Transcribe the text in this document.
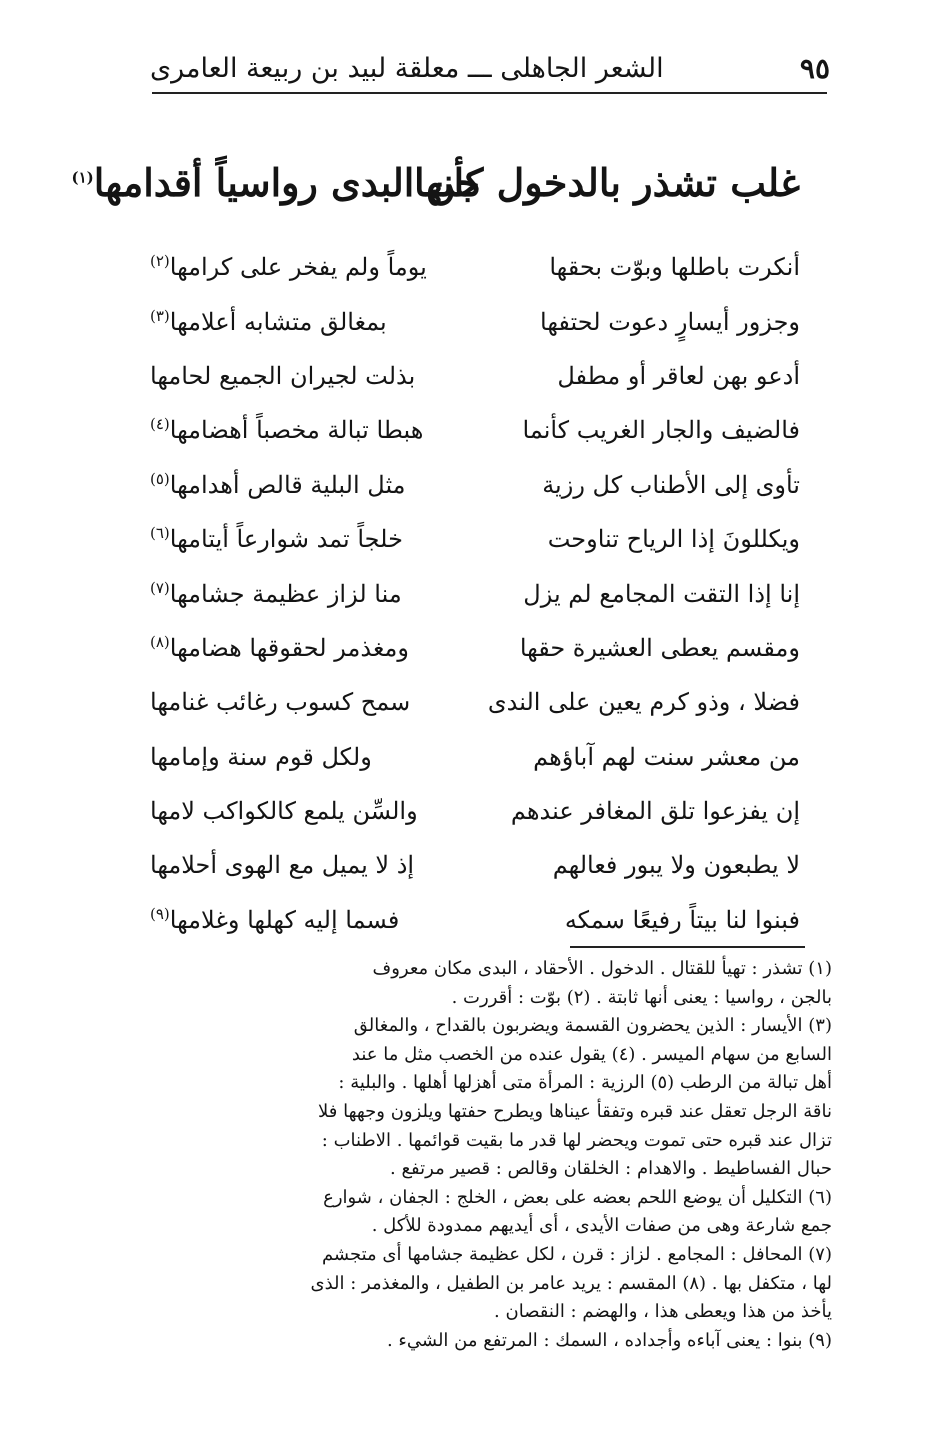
الشعر الجاهلى ـــ معلقة لبيد بن ربيعة العامرى	٩٥
غلب تشذر بالدخول كأنها
جن البدى رواسياً أقدامها$^{(١)}$
أنكرت باطلها وبوّت بحقها
يوماً ولم يفخر على كرامها$^{(٢)}$
وجزور أيسارٍ دعوت لحتفها
بمغالق متشابه أعلامها$^{(٣)}$
أدعو بهن لعاقر أو مطفل
بذلت لجيران الجميع لحامها
فالضيف والجار الغريب كأنما
هبطا تبالة مخصباً أهضامها$^{(٤)}$
تأوى إلى الأطناب كل رزية
مثل البلية قالص أهدامها$^{(٥)}$
ويكللونَ إذا الرياح تناوحت
خلجاً تمد شوارعاً أيتامها$^{(٦)}$
إنا إذا التقت المجامع لم يزل
منا لزاز عظيمة جشامها$^{(٧)}$
ومقسم يعطى العشيرة حقها
ومغذمر لحقوقها هضامها$^{(٨)}$
فضلا ، وذو كرم يعين على الندى
سمح كسوب رغائب غنامها
من معشر سنت لهم آباؤهم
ولكل قوم سنة وإمامها
إن يفزعوا تلق المغافر عندهم
والسِّن يلمع كالكواكب لامها
لا يطبعون ولا يبور فعالهم
إذ لا يميل مع الهوى أحلامها
فبنوا لنا بيتاً رفيعًا سمكه
فسما إليه كهلها وغلامها$^{(٩)}$

(١) تشذر : تهيأ للقتال . الدخول . الأحقاد ، البدى مكان معروف

بالجن ، رواسيا : يعنى أنها ثابتة . (٢) بوّت : أقررت .

(٣) الأيسار : الذين يحضرون القسمة ويضربون بالقداح ، والمغالق

السابع من سهام الميسر . (٤) يقول عنده من الخصب مثل ما عند

أهل تبالة من الرطب (٥) الرزية : المرأة متى أهزلها أهلها . والبلية :

ناقة الرجل تعقل عند قبره وتفقأ عيناها ويطرح حفتها ويلزون وجهها فلا

تزال عند قبره حتى تموت ويحضر لها قدر ما بقيت قوائمها . الاطناب :

حبال الفساطيط . والاهدام : الخلقان وقالص : قصير مرتفع .

(٦) التكليل أن يوضع اللحم بعضه على بعض ، الخلج : الجفان ، شوارع

جمع شارعة وهى من صفات الأيدى ، أى أيديهم ممدودة للأكل .

(٧) المحافل : المجامع . لزاز : قرن ، لكل عظيمة جشامها أى متجشم

لها ، متكفل بها . (٨) المقسم : يريد عامر بن الطفيل ، والمغذمر : الذى

يأخذ من هذا ويعطى هذا ، والهضم : النقصان .

(٩) بنوا : يعنى آباءه وأجداده ، السمك : المرتفع من الشيء .
